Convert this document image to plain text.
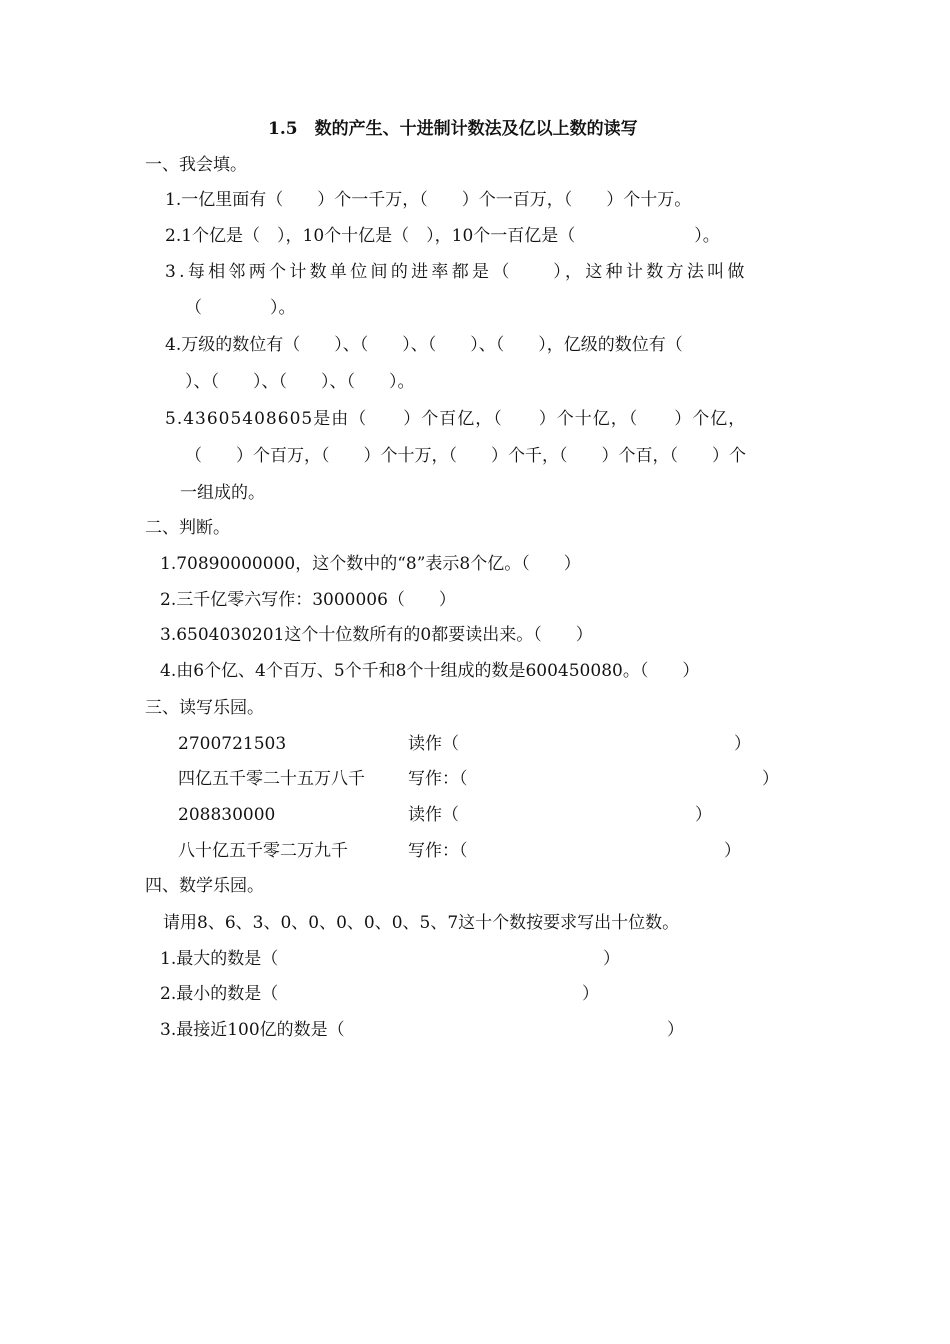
1.5　数的产生、十进制计数法及亿以上数的读写
一、我会填。
1.一亿里面有（　　）个一千万，（　　）个一百万，（　　）个十万。
2.1个亿是（　），10个十亿是（　），10个一百亿是（　　　　　　　）。
3.每相邻两个计数单位间的进率都是（　　），这种计数方法叫做
（　　　　）。
4.万级的数位有（　　）、（　　）、（　　）、（　　），亿级的数位有（
）、（　　）、（　　）、（　　）。
5.43605408605是由（　　）个百亿，（　　）个十亿，（　　）个亿，
（　　）个百万，（　　）个十万，（　　）个千，（　　）个百，（　　）个
一组成的。
二、判断。
1.70890000000，这个数中的“8”表示8个亿。（　　）
2.三千亿零六写作：3000006（　　）
3.6504030201这个十位数所有的0都要读出来。（　　）
4.由6个亿、4个百万、5个千和8个十组成的数是600450080。（　　）
三、读写乐园。
2700721503	读作（	）
四亿五千零二十五万八千	写作：（	）
208830000	读作（	）
八十亿五千零二万九千	写作：（	）
四、数学乐园。
请用8、6、3、0、0、0、0、0、5、7这十个数按要求写出十位数。
1.最大的数是（	）
2.最小的数是（	）
3.最接近100亿的数是（	）
